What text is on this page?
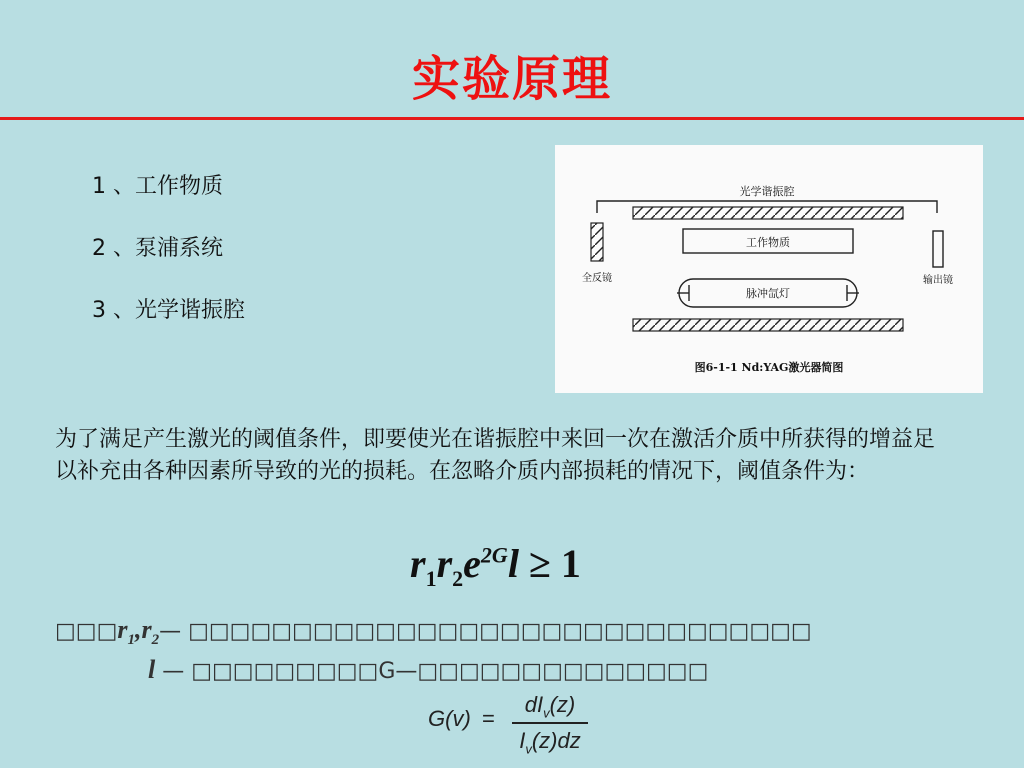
实验原理
1 、工作物质
2 、泵浦系统
3 、光学谐振腔
光学谐振腔
全反镜	输出镜
工作物质
脉冲氙灯
图6-1-1 Nd:YAG激光器简图
为了满足产生激光的阈值条件，即要使光在谐振腔中来回一次在激活介质中所获得的增益足以补充由各种因素所导致的光的损耗。在忽略介质内部损耗的情况下，阈值条件为：
$r_1r_2e^{2G}l \ge 1$
$□□□r_1,r_2—$ □□□□□□□□□□□□□□□□□□□□□□□□□□□□□□
l — □□□□□□□□□G—□□□□□□□□□□□□□□
G(v) =
$dI_v(z)$
$I_v(z)dz$
